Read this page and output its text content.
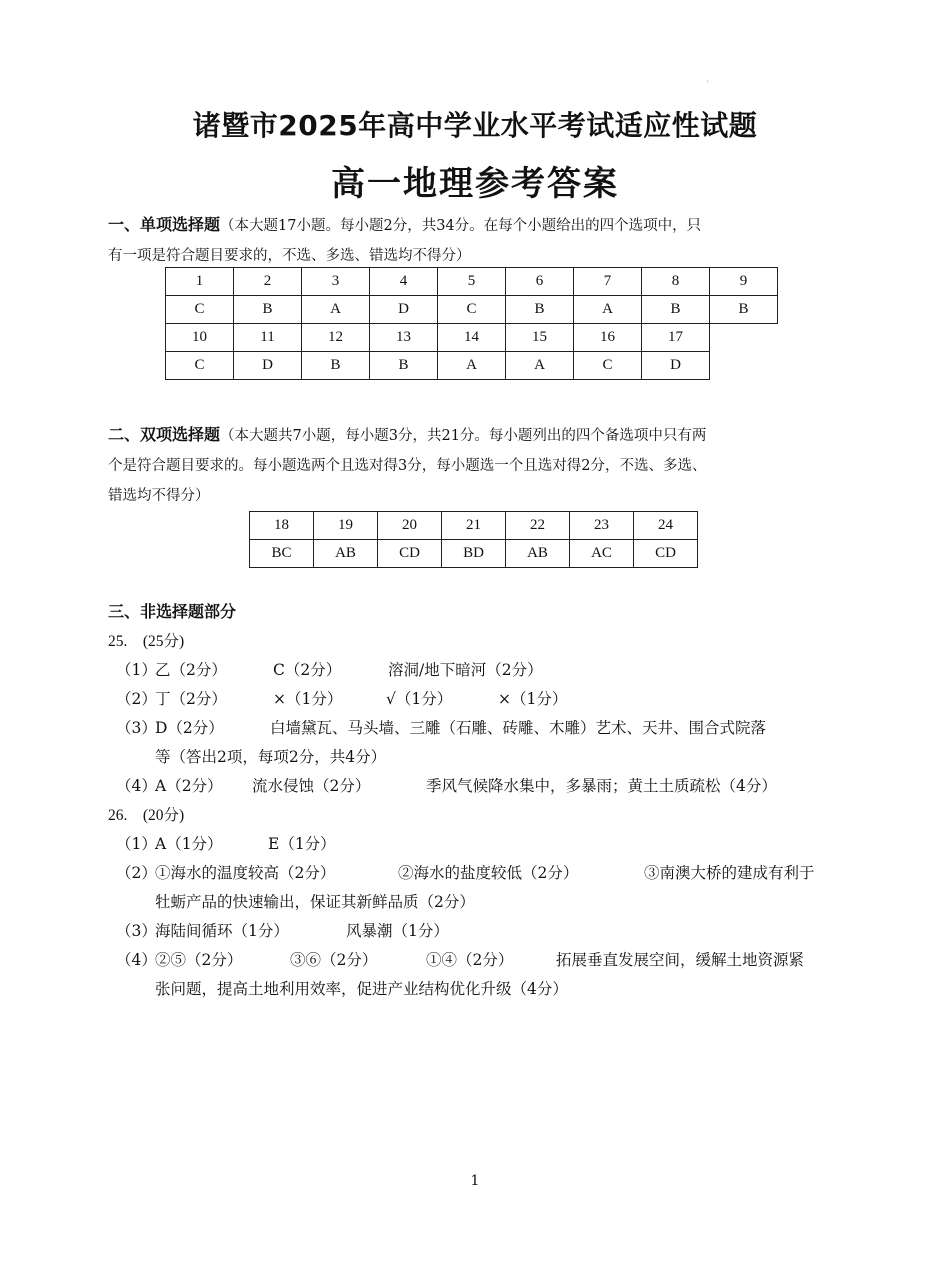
`
诸暨市2025年高中学业水平考试适应性试题
高一地理参考答案
一、单项选择题（本大题17小题。每小题2分，共34分。在每个小题给出的四个选项中，只
有一项是符合题目要求的，不选、多选、错选均不得分）
1	2	3	4	5	6	7	8	9
C	B	A	D	C	B	A	B	B
10	11	12	13	14	15	16	17	
C	D	B	B	A	A	C	D	
二、双项选择题（本大题共7小题，每小题3分，共21分。每小题列出的四个备选项中只有两
个是符合题目要求的。每小题选两个且选对得3分，每小题选一个且选对得2分，不选、多选、
错选均不得分）
18	19	20	21	22	23	24
BC	AB	CD	BD	AB	AC	CD
三、非选择题部分
25.　(25分)
（1）
乙（2分）	C（2分）	溶洞/地下暗河（2分）
（2）
丁（2分）	×（1分）	√（1分）	×（1分）
（3）
D（2分）	白墙黛瓦、马头墙、三雕（石雕、砖雕、木雕）艺术、天井、围合式院落
等（答出2项，每项2分，共4分）
（4）
A（2分） 流水侵蚀（2分）	季风气候降水集中，多暴雨；黄土土质疏松（4分）
26.　(20分)
（1）
A（1分）	E（1分）
（2）
①海水的温度较高（2分）	②海水的盐度较低（2分）	③南澳大桥的建成有利于
牡蛎产品的快速输出，保证其新鲜品质（2分）
（3）
海陆间循环（1分）	风暴潮（1分）
（4）
②⑤（2分）	③⑥（2分）	①④（2分）	拓展垂直发展空间，缓解土地资源紧
张问题，提高土地利用效率，促进产业结构优化升级（4分）
1
